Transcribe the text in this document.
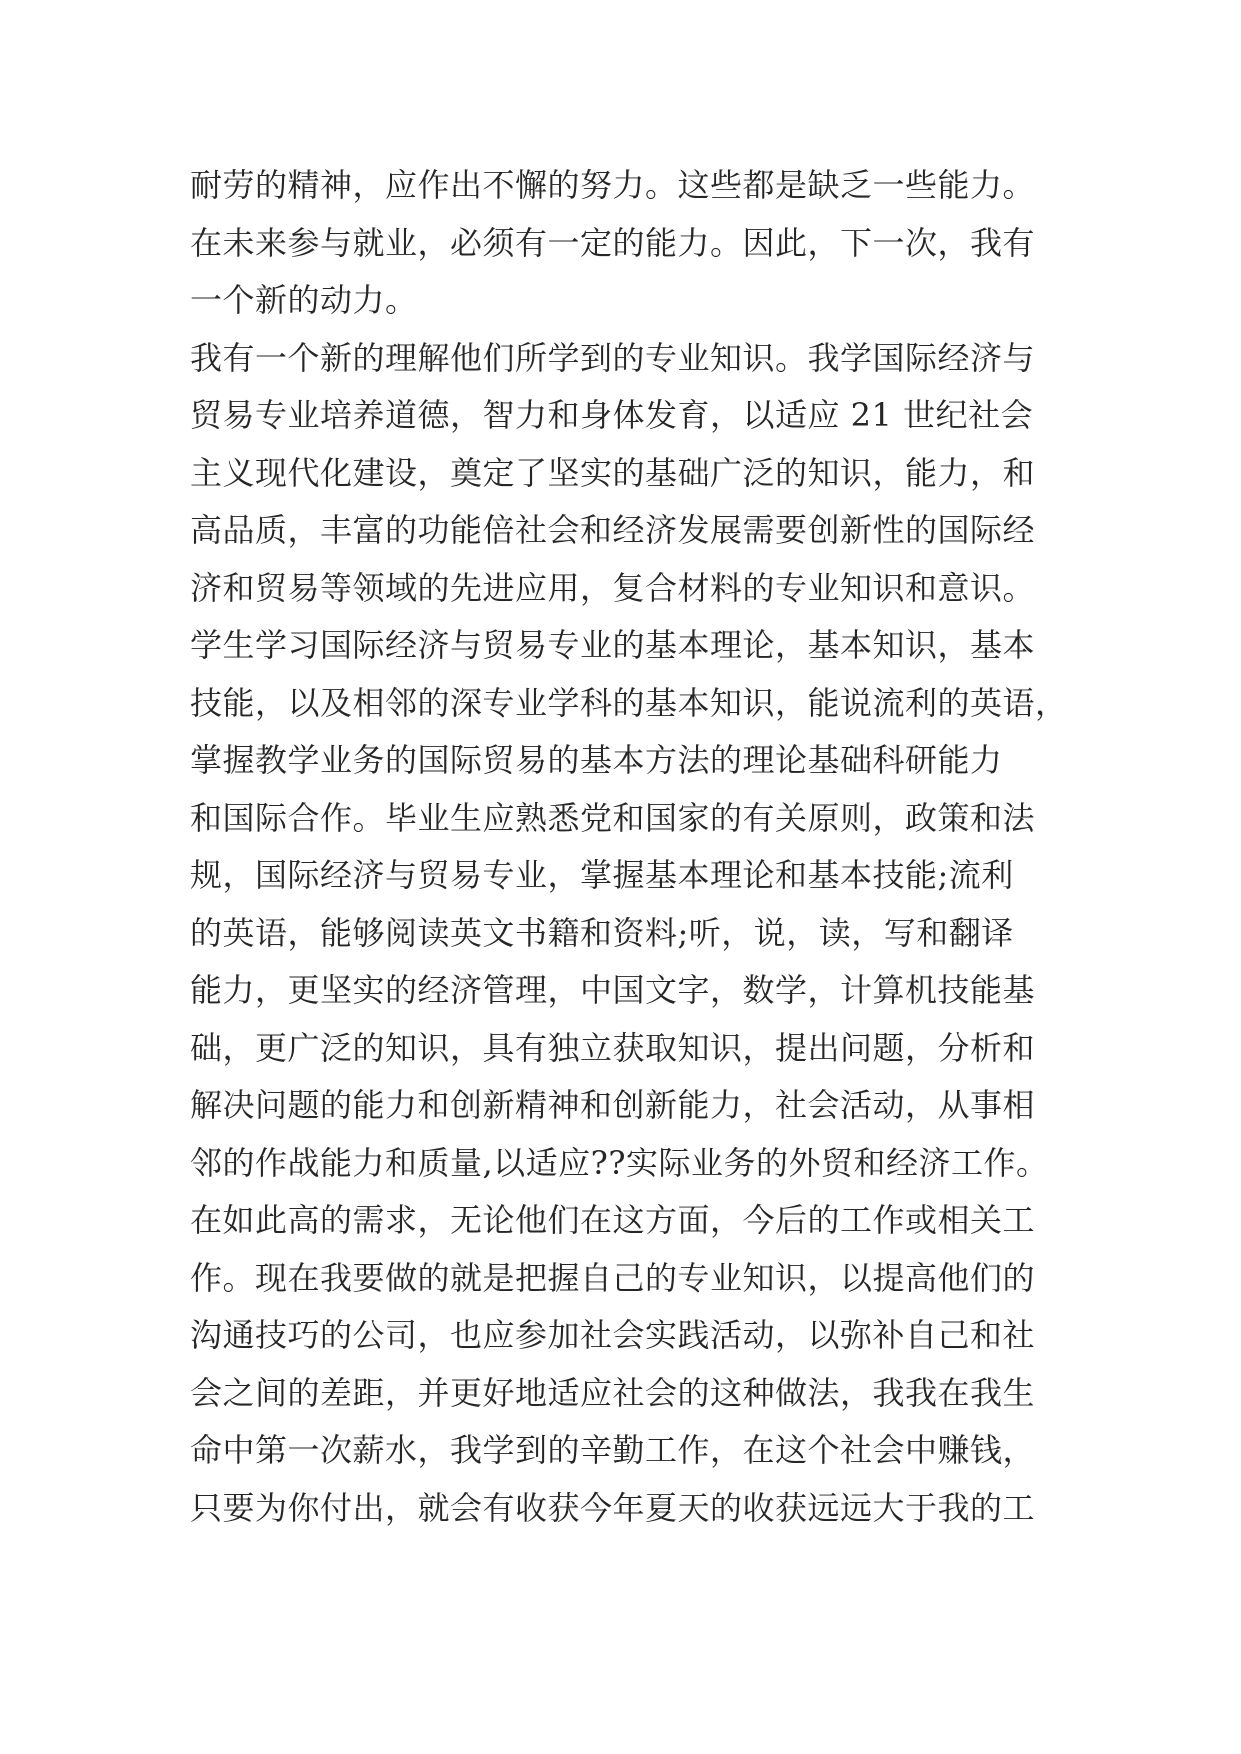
耐劳的精神，应作出不懈的努力。这些都是缺乏一些能力。
在未来参与就业，必须有一定的能力。因此，下一次，我有
一个新的动力。
我有一个新的理解他们所学到的专业知识。我学国际经济与
贸易专业培养道德，智力和身体发育，以适应 21 世纪社会
主义现代化建设，奠定了坚实的基础广泛的知识，能力，和
高品质，丰富的功能倍社会和经济发展需要创新性的国际经
济和贸易等领域的先进应用，复合材料的专业知识和意识。
学生学习国际经济与贸易专业的基本理论，基本知识，基本
技能，以及相邻的深专业学科的基本知识，能说流利的英语，
掌握教学业务的国际贸易的基本方法的理论基础科研能力
和国际合作。毕业生应熟悉党和国家的有关原则，政策和法
规，国际经济与贸易专业，掌握基本理论和基本技能;流利
的英语，能够阅读英文书籍和资料;听，说，读，写和翻译
能力，更坚实的经济管理，中国文字，数学，计算机技能基
础，更广泛的知识，具有独立获取知识，提出问题，分析和
解决问题的能力和创新精神和创新能力，社会活动，从事相
邻的作战能力和质量,以适应??实际业务的外贸和经济工作。
在如此高的需求，无论他们在这方面，今后的工作或相关工
作。现在我要做的就是把握自己的专业知识，以提高他们的
沟通技巧的公司，也应参加社会实践活动，以弥补自己和社
会之间的差距，并更好地适应社会的这种做法，我我在我生
命中第一次薪水，我学到的辛勤工作，在这个社会中赚钱，
只要为你付出，就会有收获今年夏天的收获远远大于我的工
